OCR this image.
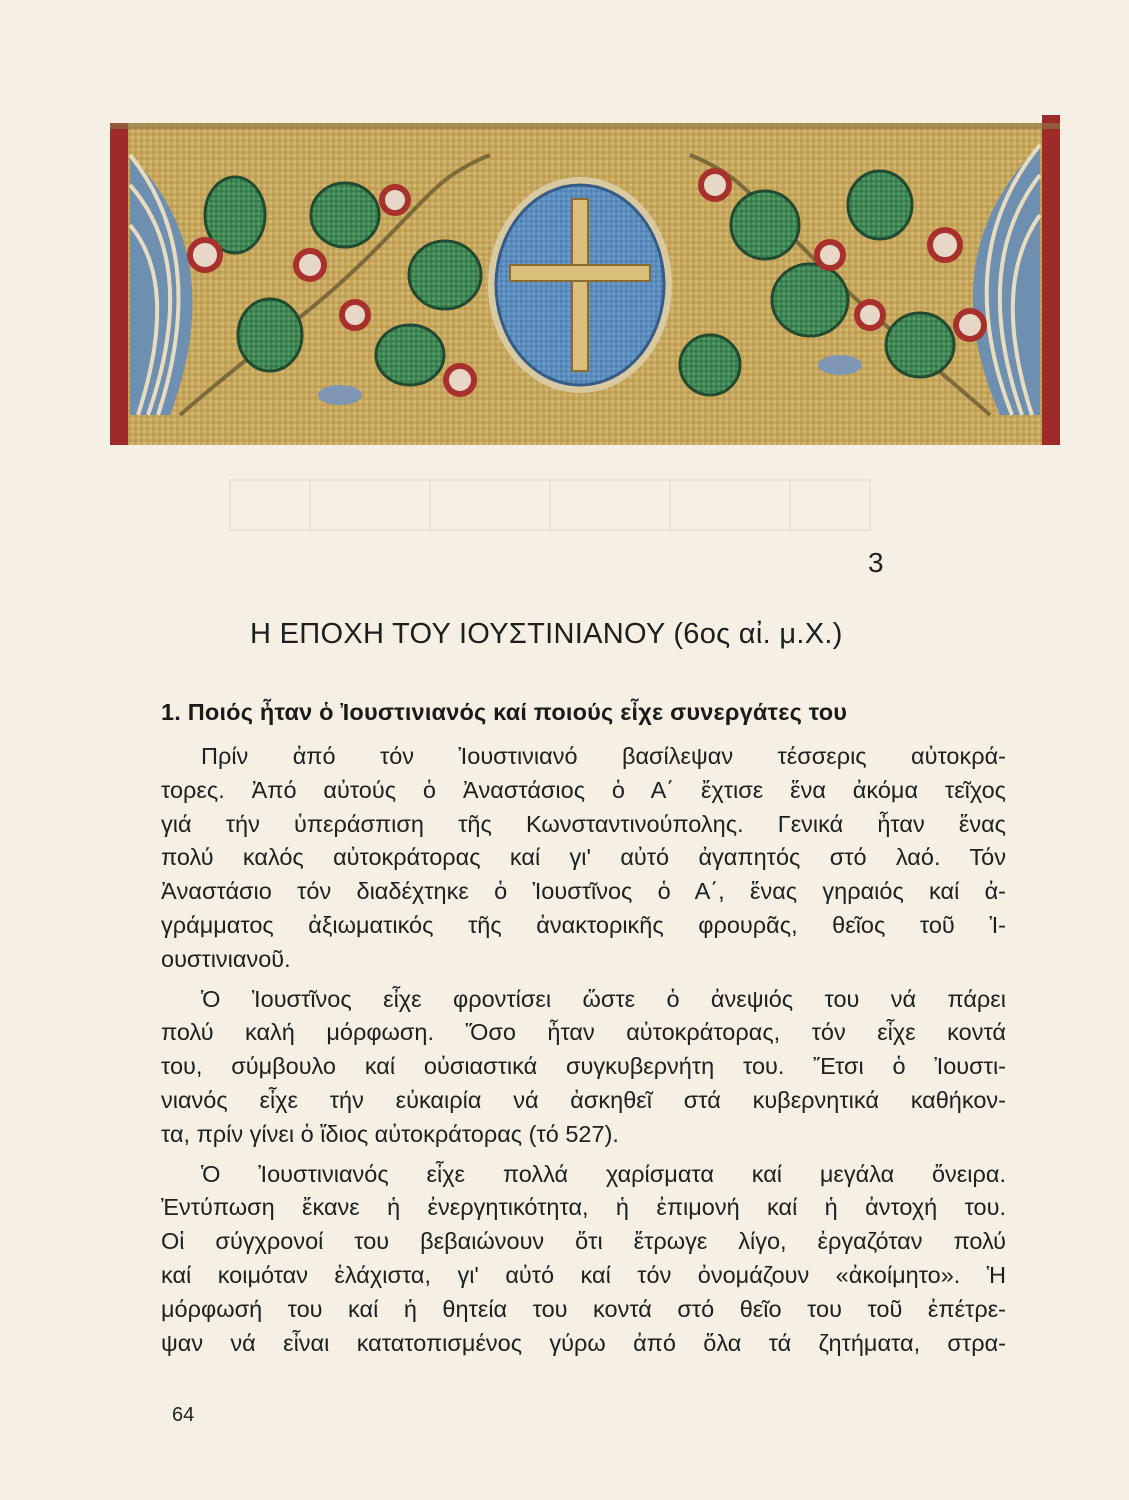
3
Η ΕΠΟΧΗ ΤΟΥ ΙΟΥΣΤΙΝΙΑΝΟΥ (6ος αἰ. μ.Χ.)
1. Ποιός ἦταν ὁ Ἰουστινιανός καί ποιούς εἶχε συνεργάτες του
Πρίν ἀπό τόν Ἰουστινιανό βασίλεψαν τέσσερις αὐτοκρά-
τορες. Ἀπό αὐτούς ὁ Ἀναστάσιος ὁ Α΄ ἔχτισε ἕνα ἀκόμα τεῖχος
γιά τήν ὑπεράσπιση τῆς Κωνσταντινούπολης. Γενικά ἦταν ἕνας
πολύ καλός αὐτοκράτορας καί γι' αὐτό ἀγαπητός στό λαό. Τόν
Ἀναστάσιο τόν διαδέχτηκε ὁ Ἰουστῖνος ὁ Α΄, ἕνας γηραιός καί ἀ-
γράμματος ἀξιωματικός τῆς ἀνακτορικῆς φρουρᾶς, θεῖος τοῦ Ἰ-
ουστινιανοῦ.
Ὁ Ἰουστῖνος εἶχε φροντίσει ὥστε ὁ ἀνεψιός του νά πάρει
πολύ καλή μόρφωση. Ὅσο ἦταν αὐτοκράτορας, τόν εἶχε κοντά
του, σύμβουλο καί οὐσιαστικά συγκυβερνήτη του. Ἔτσι ὁ Ἰουστι-
νιανός εἶχε τήν εὐκαιρία νά ἀσκηθεῖ στά κυβερνητικά καθήκον-
τα, πρίν γίνει ὁ ἴδιος αὐτοκράτορας (τό 527).
Ὁ Ἰουστινιανός εἶχε πολλά χαρίσματα καί μεγάλα ὄνειρα.
Ἐντύπωση ἔκανε ἡ ἐνεργητικότητα, ἡ ἐπιμονή καί ἡ ἀντοχή του.
Οἱ σύγχρονοί του βεβαιώνουν ὅτι ἔτρωγε λίγο, ἐργαζόταν πολύ
καί κοιμόταν ἐλάχιστα, γι' αὐτό καί τόν ὀνομάζουν «ἀκοίμητο». Ἡ
μόρφωσή του καί ἡ θητεία του κοντά στό θεῖο του τοῦ ἐπέτρε-
ψαν νά εἶναι κατατοπισμένος γύρω ἀπό ὅλα τά ζητήματα, στρα-
64
